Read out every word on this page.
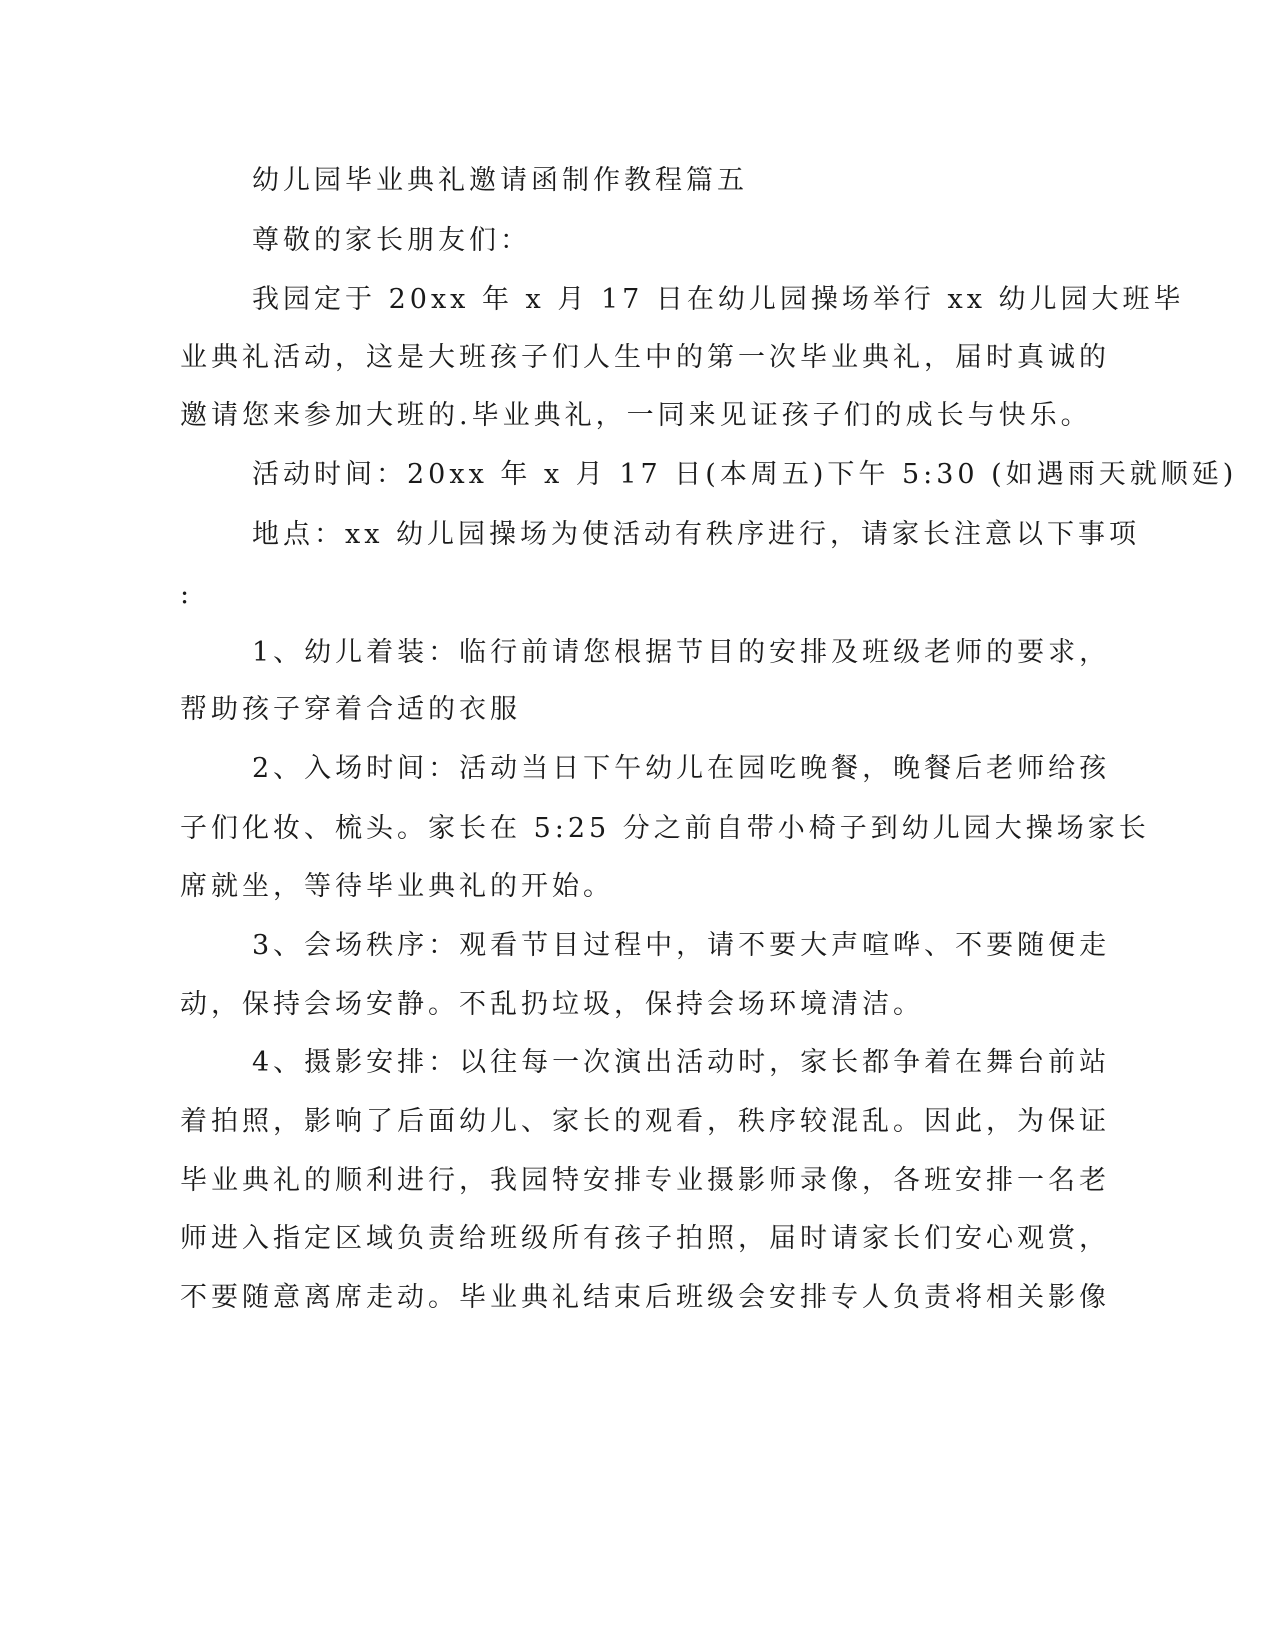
幼儿园毕业典礼邀请函制作教程篇五
尊敬的家长朋友们：
我园定于 20xx 年 x 月 17 日在幼儿园操场举行 xx 幼儿园大班毕
业典礼活动，这是大班孩子们人生中的第一次毕业典礼，届时真诚的
邀请您来参加大班的.毕业典礼，一同来见证孩子们的成长与快乐。
活动时间：20xx 年 x 月 17 日(本周五)下午 5:30 (如遇雨天就顺延)
地点：xx 幼儿园操场为使活动有秩序进行，请家长注意以下事项
:
1、幼儿着装：临行前请您根据节目的安排及班级老师的要求，
帮助孩子穿着合适的衣服
2、入场时间：活动当日下午幼儿在园吃晚餐，晚餐后老师给孩
子们化妆、梳头。家长在 5:25 分之前自带小椅子到幼儿园大操场家长
席就坐，等待毕业典礼的开始。
3、会场秩序：观看节目过程中，请不要大声喧哗、不要随便走
动，保持会场安静。不乱扔垃圾，保持会场环境清洁。
4、摄影安排：以往每一次演出活动时，家长都争着在舞台前站
着拍照，影响了后面幼儿、家长的观看，秩序较混乱。因此，为保证
毕业典礼的顺利进行，我园特安排专业摄影师录像，各班安排一名老
师进入指定区域负责给班级所有孩子拍照，届时请家长们安心观赏，
不要随意离席走动。毕业典礼结束后班级会安排专人负责将相关影像
